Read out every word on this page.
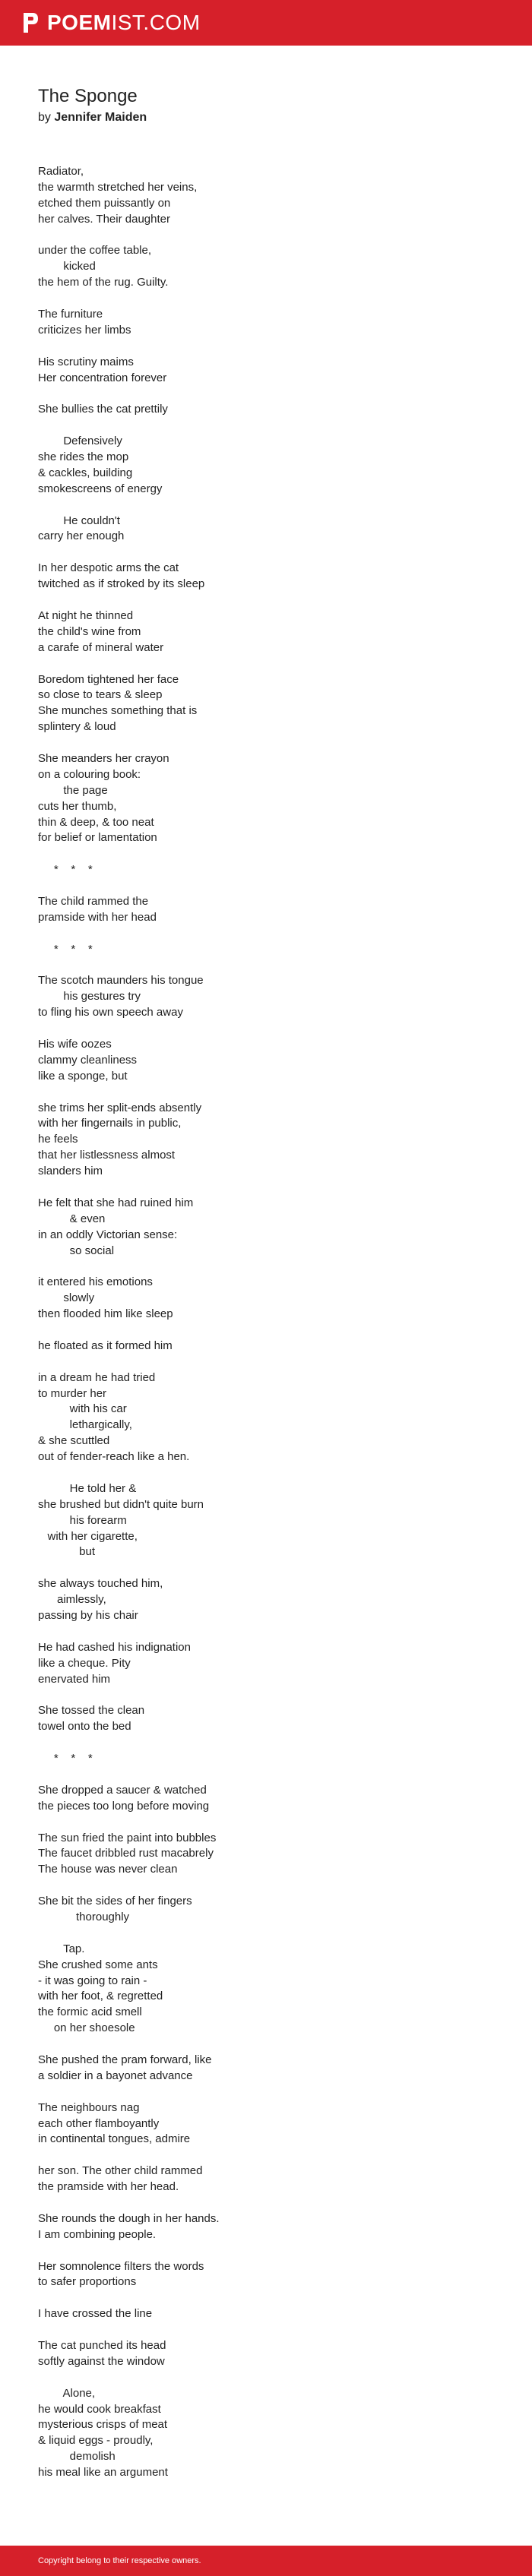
POEMIST.COM
The Sponge
by Jennifer Maiden
Radiator,
the warmth stretched her veins,
etched them puissantly on
her calves. Their daughter
under the coffee table,
kicked
the hem of the rug. Guilty.
The furniture
criticizes her limbs
His scrutiny maims
Her concentration forever
She bullies the cat prettily
Defensively
she rides the mop
& cackles, building
smokescreens of energy
He couldn't
carry her enough
In her despotic arms the cat
twitched as if stroked by its sleep
At night he thinned
the child's wine from
a carafe of mineral water
Boredom tightened her face
so close to tears & sleep
She munches something that is
splintery & loud
She meanders her crayon
on a colouring book:
the page
cuts her thumb,
thin & deep, & too neat
for belief or lamentation
*    *    *
The child rammed the
pramside with her head
*    *    *
The scotch maunders his tongue
his gestures try
to fling his own speech away
His wife oozes
clammy cleanliness
like a sponge, but
she trims her split-ends absently
with her fingernails in public,
he feels
that her listlessness almost
slanders him
He felt that she had ruined him
& even
in an oddly Victorian sense:
so social
it entered his emotions
slowly
then flooded him like sleep
he floated as it formed him
in a dream he had tried
to murder her
with his car
lethargically,
& she scuttled
out of fender-reach like a hen.
He told her &
she brushed but didn't quite burn
his forearm
with her cigarette,
but
she always touched him,
aimlessly,
passing by his chair
He had cashed his indignation
like a cheque. Pity
enervated him
She tossed the clean
towel onto the bed
*    *    *
She dropped a saucer & watched
the pieces too long before moving
The sun fried the paint into bubbles
The faucet dribbled rust macabrely
The house was never clean
She bit the sides of her fingers
thoroughly
Tap.
She crushed some ants
- it was going to rain -
with her foot, & regretted
the formic acid smell
on her shoesole
She pushed the pram forward, like
a soldier in a bayonet advance
The neighbours nag
each other flamboyantly
in continental tongues, admire
her son. The other child rammed
the pramside with her head.
She rounds the dough in her hands.
I am combining people.
Her somnolence filters the words
to safer proportions
I have crossed the line
The cat punched its head
softly against the window
Alone,
he would cook breakfast
mysterious crisps of meat
& liquid eggs - proudly,
demolish
his meal like an argument
Copyright belong to their respective owners.
